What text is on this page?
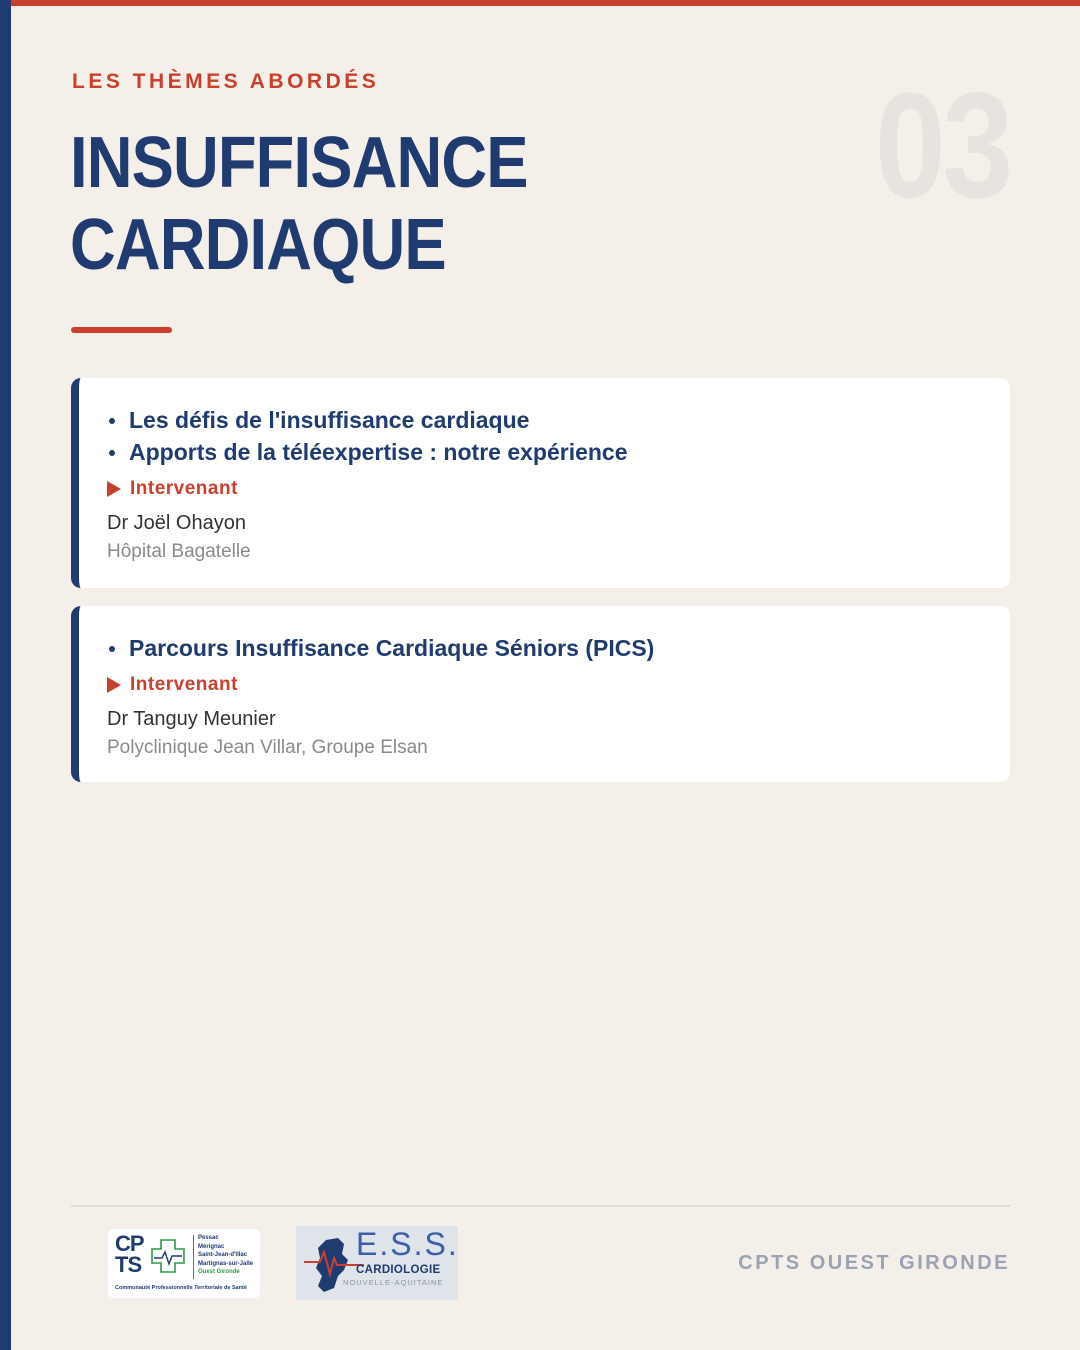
LES THÈMES ABORDÉS
INSUFFISANCE
CARDIAQUE
03
Les défis de l'insuffisance cardiaque
Apports de la téléexpertise : notre expérience
Intervenant
Dr Joël Ohayon
Hôpital Bagatelle
Parcours Insuffisance Cardiaque Séniors (PICS)
Intervenant
Dr Tanguy Meunier
Polyclinique Jean Villar, Groupe Elsan
CP
TS
Pessac
Mérignac
Saint-Jean-d'Illac
Martignas-sur-Jalle
Ouest Gironde
Communauté Professionnelle Territoriale de Santé
E.S.S.
CARDIOLOGIE
NOUVELLE-AQUITAINE
CPTS OUEST GIRONDE
